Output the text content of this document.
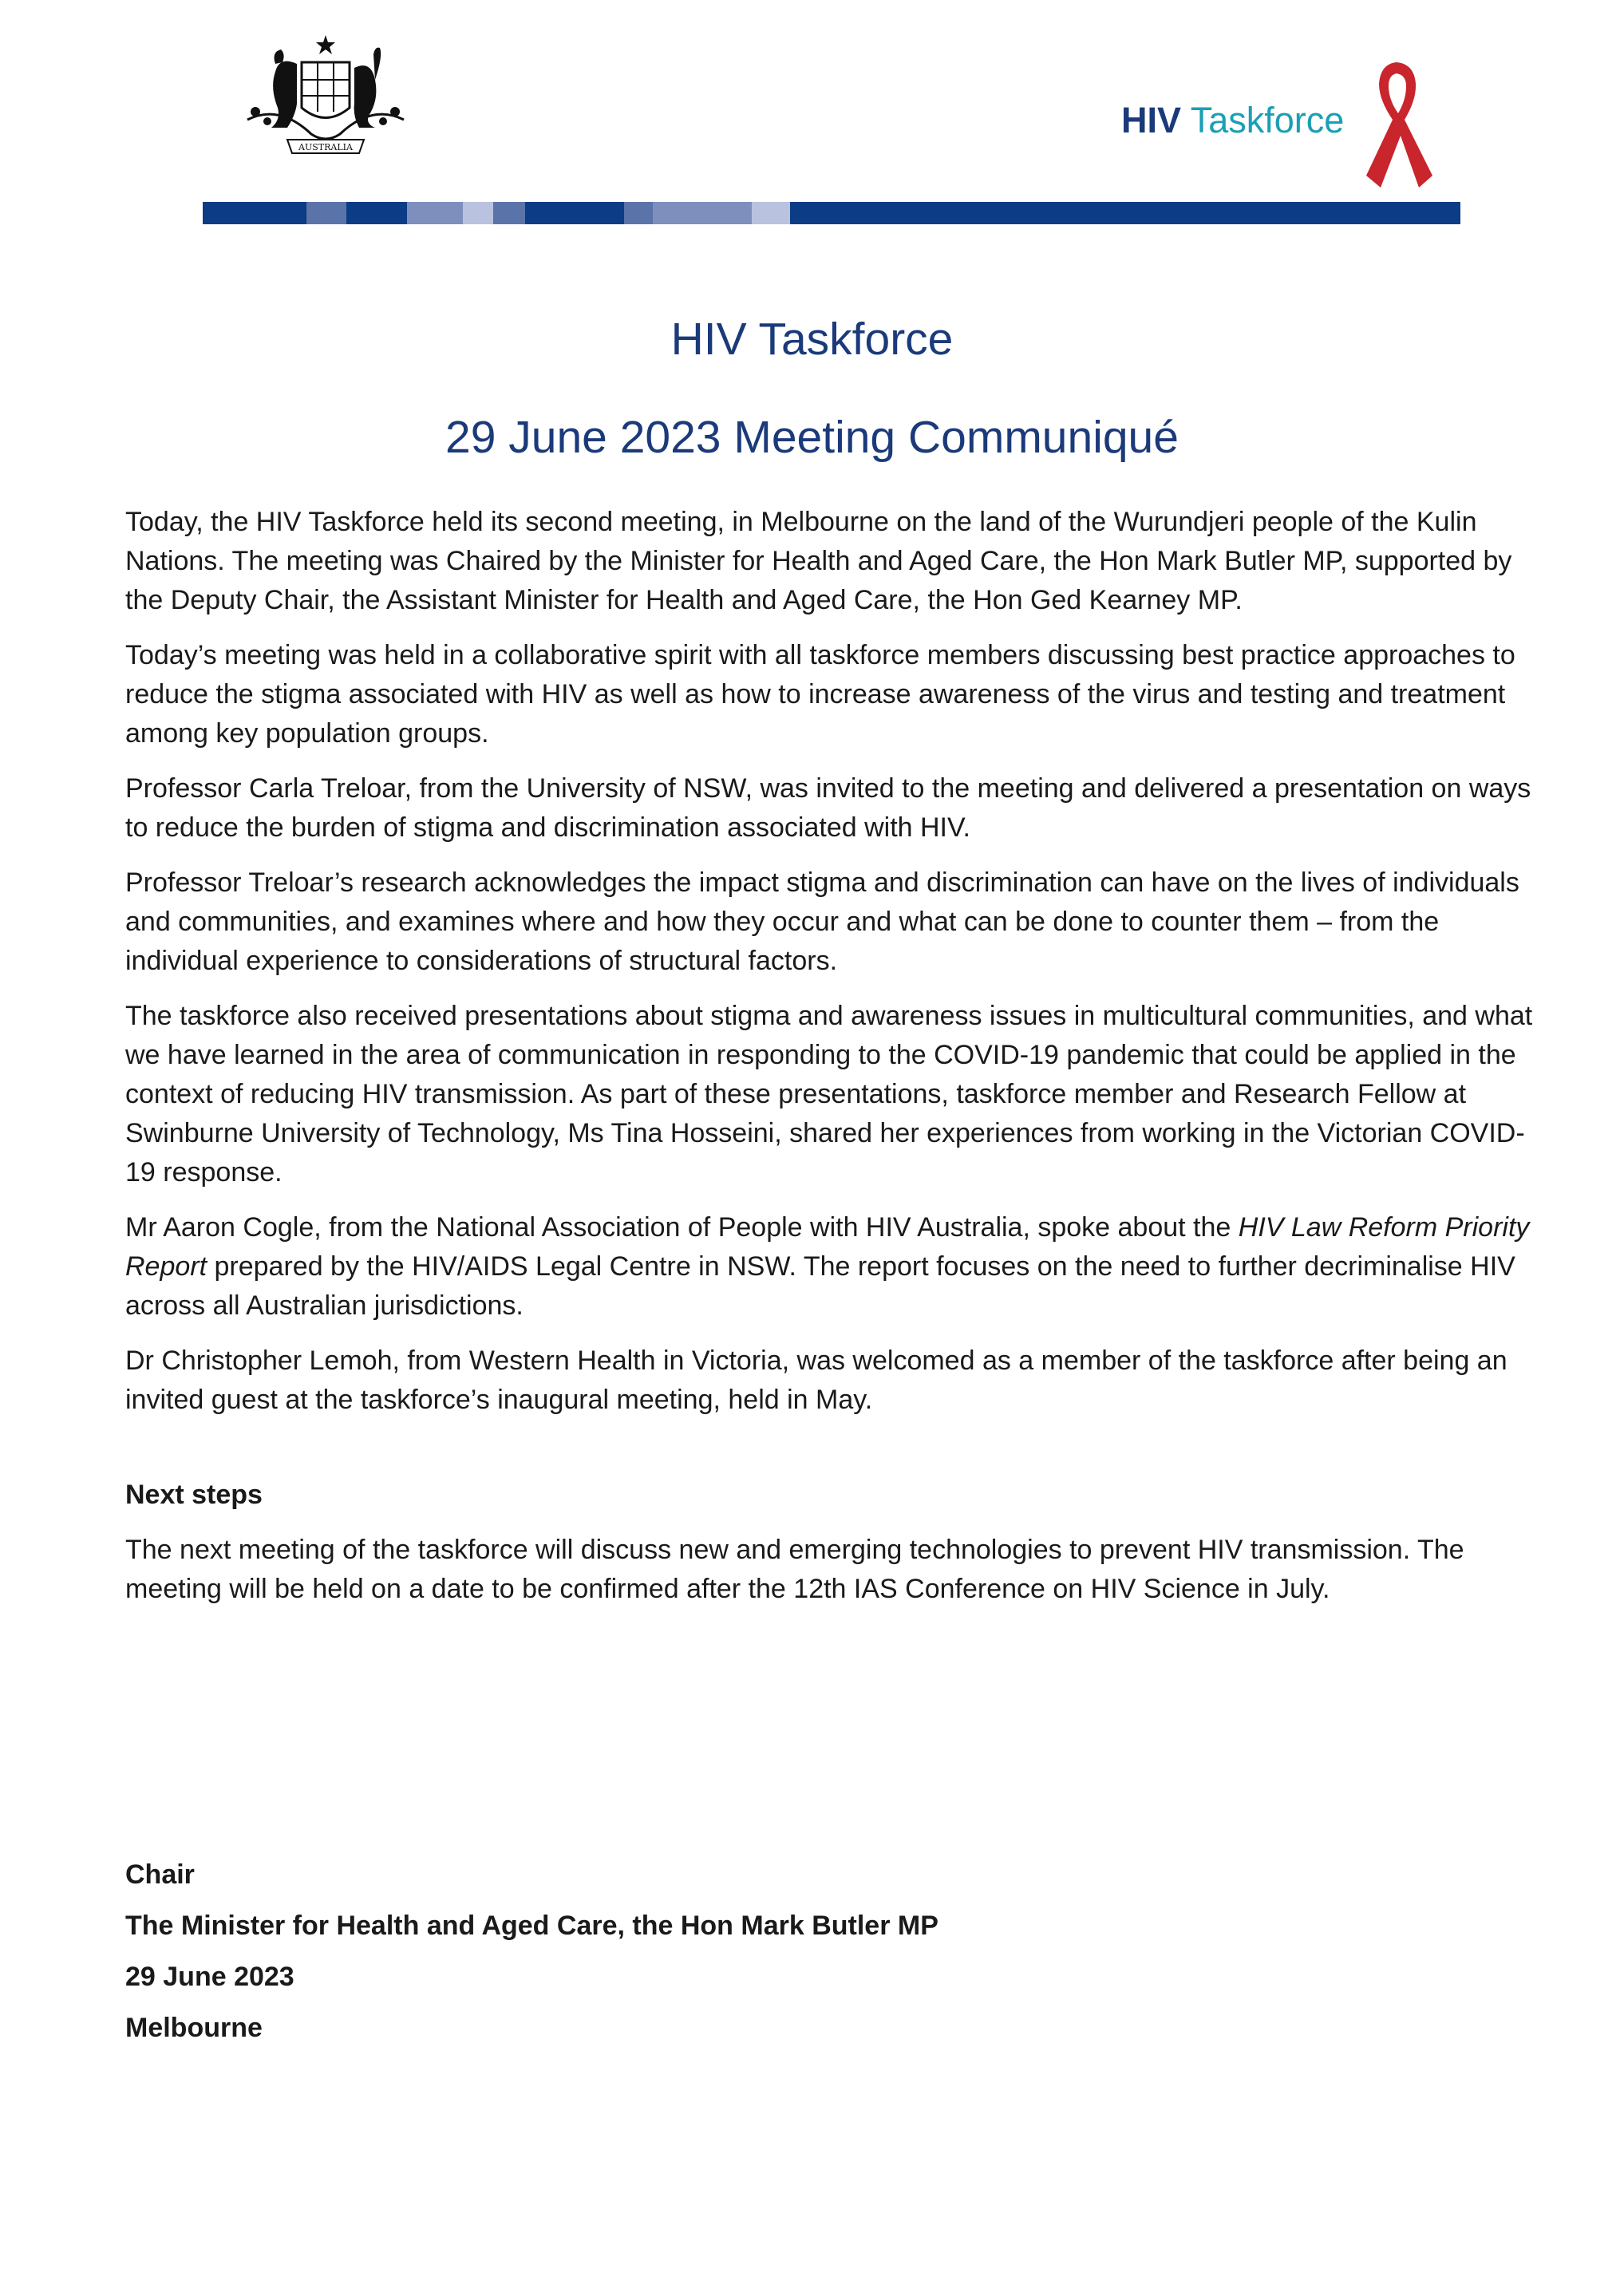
AUSTRALIA
HIV Taskforce
HIV Taskforce
29 June 2023 Meeting Communiqué

Today, the HIV Taskforce held its second meeting, in Melbourne on the land of the Wurundjeri people of the Kulin Nations. The meeting was Chaired by the Minister for Health and Aged Care, the Hon Mark Butler MP, supported by the Deputy Chair, the Assistant Minister for Health and Aged Care, the Hon Ged Kearney MP.

Today’s meeting was held in a collaborative spirit with all taskforce members discussing best practice approaches to reduce the stigma associated with HIV as well as how to increase awareness of the virus and testing and treatment among key population groups.

Professor Carla Treloar, from the University of NSW, was invited to the meeting and delivered a presentation on ways to reduce the burden of stigma and discrimination associated with HIV.

Professor Treloar’s research acknowledges the impact stigma and discrimination can have on the lives of individuals and communities, and examines where and how they occur and what can be done to counter them – from the individual experience to considerations of structural factors.

The taskforce also received presentations about stigma and awareness issues in multicultural communities, and what we have learned in the area of communication in responding to the COVID-19 pandemic that could be applied in the context of reducing HIV transmission. As part of these presentations, taskforce member and Research Fellow at Swinburne University of Technology, Ms Tina Hosseini, shared her experiences from working in the Victorian COVID-19 response.

Mr Aaron Cogle, from the National Association of People with HIV Australia, spoke about the HIV Law Reform Priority Report prepared by the HIV/AIDS Legal Centre in NSW. The report focuses on the need to further decriminalise HIV across all Australian jurisdictions.

Dr Christopher Lemoh, from Western Health in Victoria, was welcomed as a member of the taskforce after being an invited guest at the taskforce’s inaugural meeting, held in May.

Next steps

The next meeting of the taskforce will discuss new and emerging technologies to prevent HIV transmission. The meeting will be held on a date to be confirmed after the 12th IAS Conference on HIV Science in July.

Chair
The Minister for Health and Aged Care, the Hon Mark Butler MP
29 June 2023
Melbourne
